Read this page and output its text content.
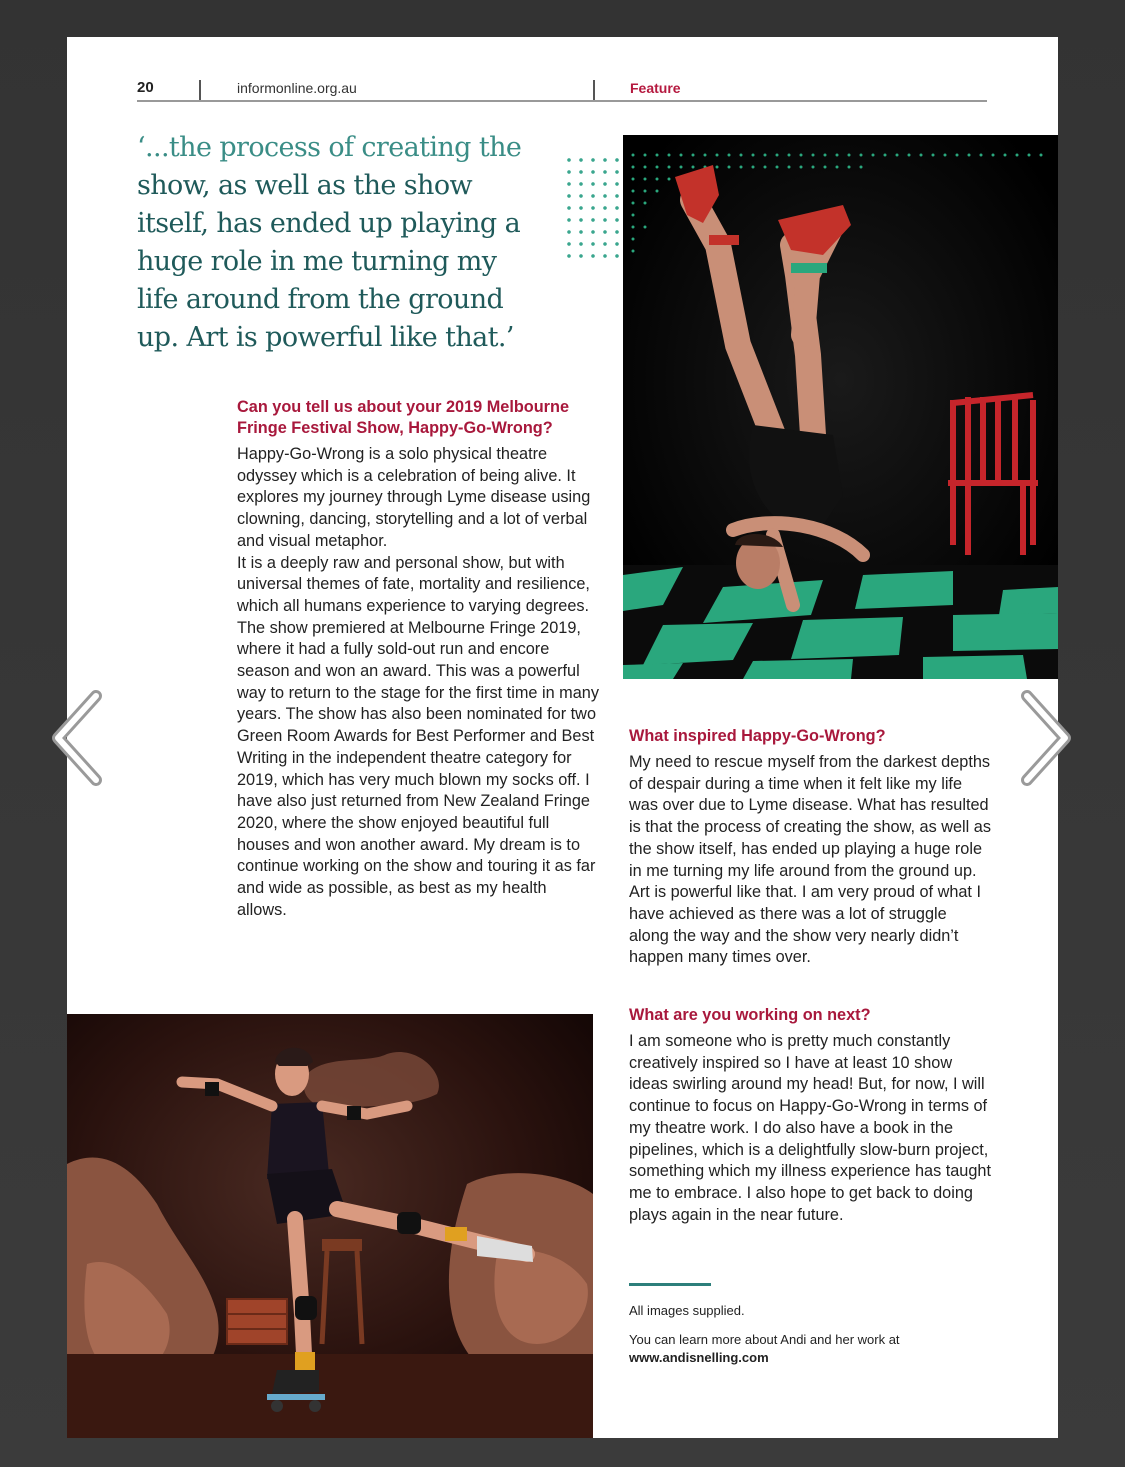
20	informonline.org.au	Feature
‘...the process of creating the show, as well as the show itself, has ended up playing a huge role in me turning my life around from the ground up. Art is powerful like that.’
Can you tell us about your 2019 Melbourne Fringe Festival Show, Happy-Go-Wrong?

Happy-Go-Wrong is a solo physical theatre odyssey which is a celebration of being alive. It explores my journey through Lyme disease using clowning, dancing, storytelling and a lot of verbal and visual metaphor.

It is a deeply raw and personal show, but with universal themes of fate, mortality and resilience, which all humans experience to varying degrees. The show premiered at Melbourne Fringe 2019, where it had a fully sold-out run and encore season and won an award. This was a powerful way to return to the stage for the first time in many years. The show has also been nominated for two Green Room Awards for Best Performer and Best Writing in the independent theatre category for 2019, which has very much blown my socks off. I have also just returned from New Zealand Fringe 2020, where the show enjoyed beautiful full houses and won another award. My dream is to continue working on the show and touring it as far and wide as possible, as best as my health allows.

What inspired Happy-Go-Wrong?

My need to rescue myself from the darkest depths of despair during a time when it felt like my life was over due to Lyme disease. What has resulted is that the process of creating the show, as well as the show itself, has ended up playing a huge role in me turning my life around from the ground up. Art is powerful like that. I am very proud of what I have achieved as there was a lot of struggle along the way and the show very nearly didn’t happen many times over.

What are you working on next?

I am someone who is pretty much constantly creatively inspired so I have at least 10 show ideas swirling around my head! But, for now, I will continue to focus on Happy-Go-Wrong in terms of my theatre work. I do also have a book in the pipelines, which is a delightfully slow-burn project, something which my illness experience has taught me to embrace. I also hope to get back to doing plays again in the near future.

All images supplied.
You can learn more about Andi and her work at
www.andisnelling.com
